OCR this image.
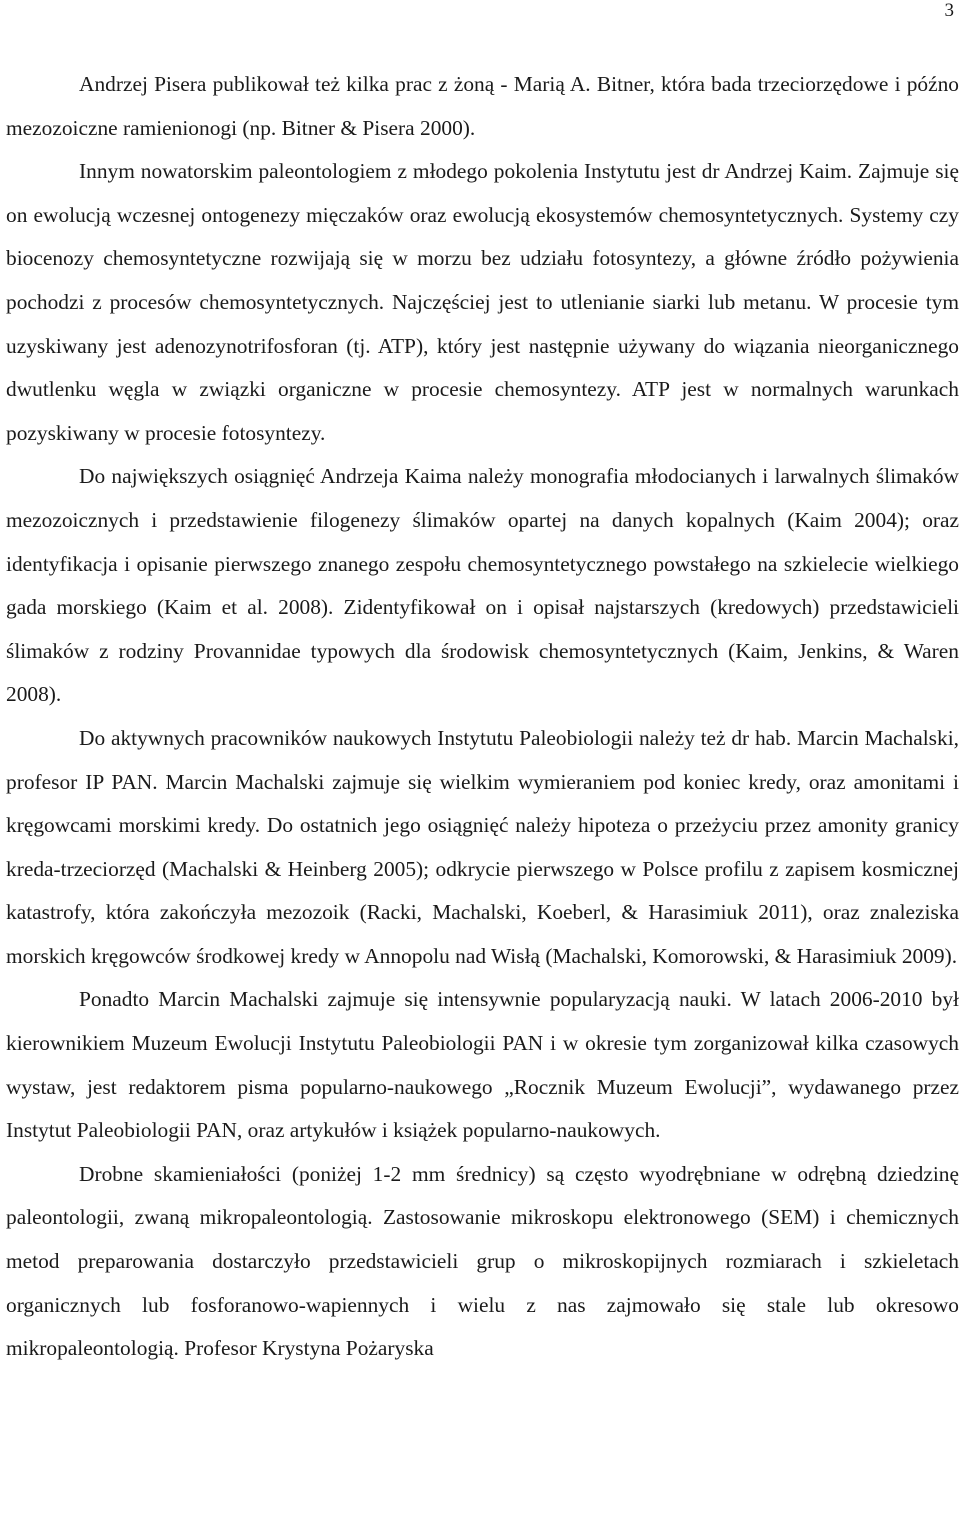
3

Andrzej Pisera publikował też kilka prac z żoną - Marią A. Bitner, która bada trzeciorzędowe i późno mezozoiczne ramienionogi (np. Bitner & Pisera 2000).

Innym nowatorskim paleontologiem z młodego pokolenia Instytutu jest dr Andrzej Kaim. Zajmuje się on ewolucją wczesnej ontogenezy mięczaków oraz ewolucją ekosystemów chemosyntetycznych. Systemy czy biocenozy chemosyntetyczne rozwijają się w morzu bez udziału fotosyntezy, a główne źródło pożywienia pochodzi z procesów chemosyntetycznych. Najczęściej jest to utlenianie siarki lub metanu. W procesie tym uzyskiwany jest adenozynotrifosforan (tj. ATP), który jest następnie używany do wiązania nieorganicznego dwutlenku węgla w związki organiczne w procesie chemosyntezy. ATP jest w normalnych warunkach pozyskiwany w procesie fotosyntezy.

Do największych osiągnięć Andrzeja Kaima należy monografia młodocianych i larwalnych ślimaków mezozoicznych i przedstawienie filogenezy ślimaków opartej na danych kopalnych (Kaim 2004); oraz identyfikacja i opisanie pierwszego znanego zespołu chemosyntetycznego powstałego na szkielecie wielkiego gada morskiego (Kaim et al. 2008). Zidentyfikował on i opisał najstarszych (kredowych) przedstawicieli ślimaków z rodziny Provannidae typowych dla środowisk chemosyntetycznych (Kaim, Jenkins, & Waren 2008).

Do aktywnych pracowników naukowych Instytutu Paleobiologii należy też dr hab. Marcin Machalski, profesor IP PAN. Marcin Machalski zajmuje się wielkim wymieraniem pod koniec kredy, oraz amonitami i kręgowcami morskimi kredy. Do ostatnich jego osiągnięć należy hipoteza o przeżyciu przez amonity granicy kreda-trzeciorzęd (Machalski & Heinberg 2005); odkrycie pierwszego w Polsce profilu z zapisem kosmicznej katastrofy, która zakończyła mezozoik (Racki, Machalski, Koeberl, & Harasimiuk 2011), oraz znaleziska morskich kręgowców środkowej kredy w Annopolu nad Wisłą (Machalski, Komorowski, & Harasimiuk 2009).

Ponadto Marcin Machalski zajmuje się intensywnie popularyzacją nauki. W latach 2006-2010 był kierownikiem Muzeum Ewolucji Instytutu Paleobiologii PAN i w okresie tym zorganizował kilka czasowych wystaw, jest redaktorem pisma popularno-naukowego „Rocznik Muzeum Ewolucji”, wydawanego przez Instytut Paleobiologii PAN, oraz artykułów i książek popularno-naukowych.

Drobne skamieniałości (poniżej 1-2 mm średnicy) są często wyodrębniane w odrębną dziedzinę paleontologii, zwaną mikropaleontologią. Zastosowanie mikroskopu elektronowego (SEM) i chemicznych metod preparowania dostarczyło przedstawicieli grup o mikroskopijnych rozmiarach i szkieletach organicznych lub fosforanowo-wapiennych i wielu z nas zajmowało się stale lub okresowo mikropaleontologią. Profesor Krystyna Pożaryska
